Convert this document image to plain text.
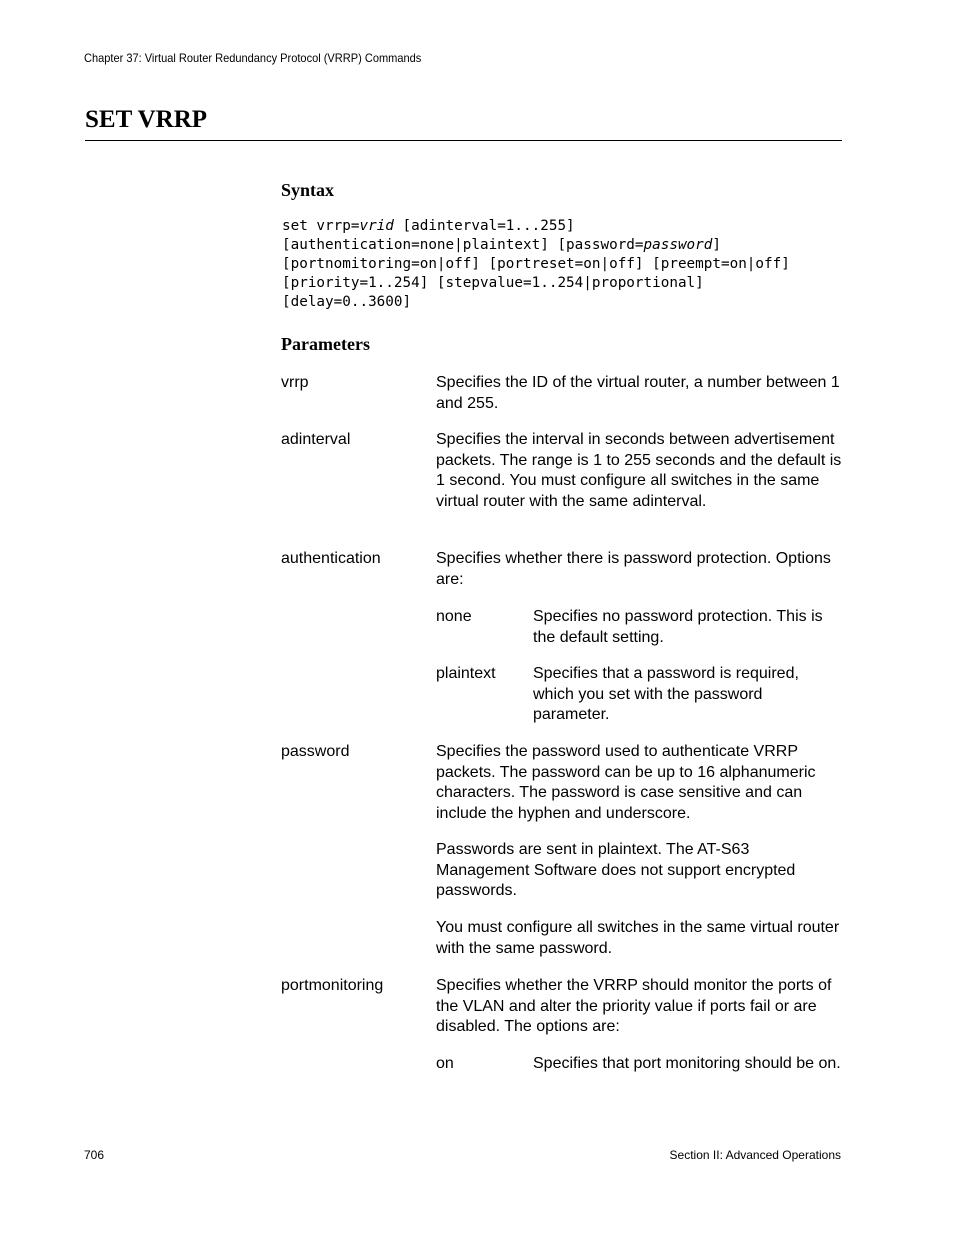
Chapter 37: Virtual Router Redundancy Protocol (VRRP) Commands
SET VRRP
Syntax
set vrrp=vrid [adinterval=1...255]
[authentication=none|plaintext] [password=password]
[portnomitoring=on|off] [portreset=on|off] [preempt=on|off]
[priority=1..254] [stepvalue=1..254|proportional]
[delay=0..3600]
Parameters
vrrp	Specifies the ID of the virtual router, a number between 1 and 255.
adinterval	Specifies the interval in seconds between advertisement packets. The range is 1 to 255 seconds and the default is 1 second. You must configure all switches in the same virtual router with the same adinterval.
authentication	Specifies whether there is password protection. Options are:
none	Specifies no password protection. This is the default setting.
plaintext Specifies that a password is required, which you set with the password parameter.
password	Specifies the password used to authenticate VRRP packets. The password can be up to 16 alphanumeric characters. The password is case sensitive and can include the hyphen and underscore.
Passwords are sent in plaintext. The AT-S63 Management Software does not support encrypted passwords.
You must configure all switches in the same virtual router with the same password.
portmonitoring	Specifies whether the VRRP should monitor the ports of the VLAN and alter the priority value if ports fail or are disabled. The options are:
on	Specifies that port monitoring should be on.
706	Section II: Advanced Operations
